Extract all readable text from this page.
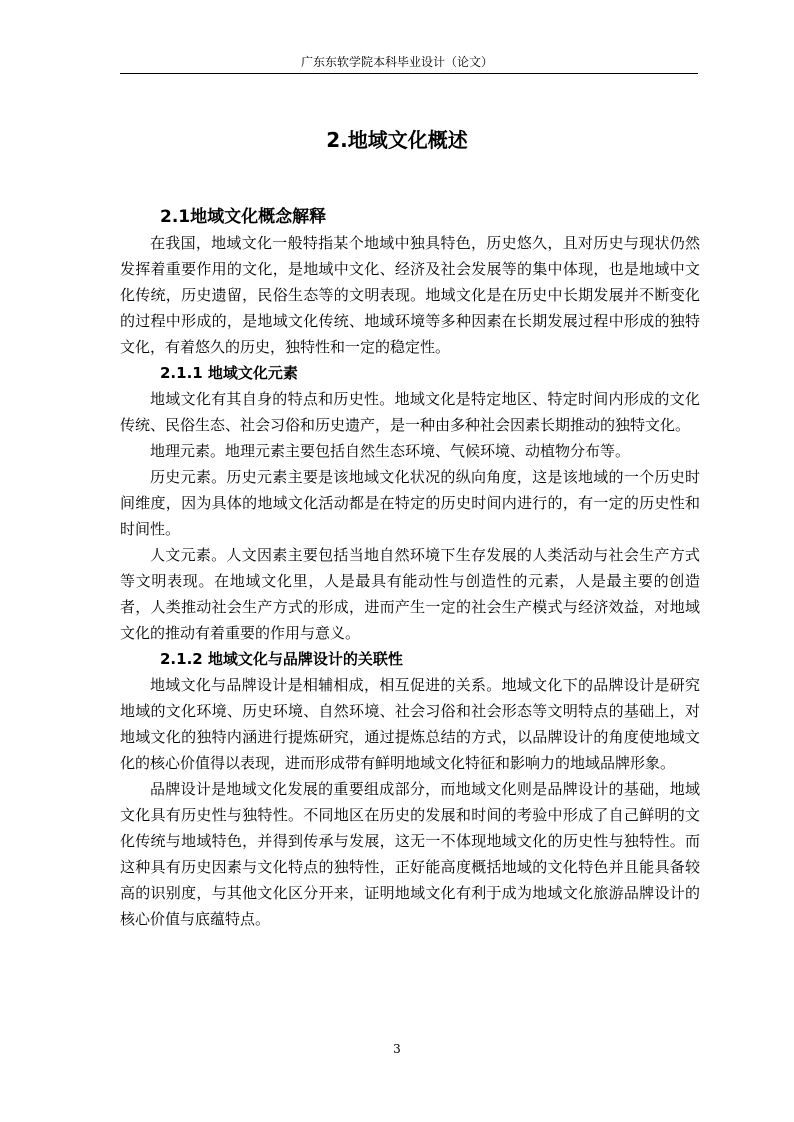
广东东软学院本科毕业设计（论文）
2.地域文化概述
2.1地域文化概念解释

在我国，地域文化一般特指某个地域中独具特色，历史悠久，且对历史与现状仍然发挥着重要作用的文化，是地域中文化、经济及社会发展等的集中体现，也是地域中文化传统，历史遗留，民俗生态等的文明表现。地域文化是在历史中长期发展并不断变化的过程中形成的，是地域文化传统、地域环境等多种因素在长期发展过程中形成的独特文化，有着悠久的历史，独特性和一定的稳定性。

2.1.1 地域文化元素

地域文化有其自身的特点和历史性。地域文化是特定地区、特定时间内形成的文化传统、民俗生态、社会习俗和历史遗产，是一种由多种社会因素长期推动的独特文化。

地理元素。地理元素主要包括自然生态环境、气候环境、动植物分布等。

历史元素。历史元素主要是该地域文化状况的纵向角度，这是该地域的一个历史时间维度，因为具体的地域文化活动都是在特定的历史时间内进行的，有一定的历史性和时间性。

人文元素。人文因素主要包括当地自然环境下生存发展的人类活动与社会生产方式等文明表现。在地域文化里，人是最具有能动性与创造性的元素，人是最主要的创造者，人类推动社会生产方式的形成，进而产生一定的社会生产模式与经济效益，对地域文化的推动有着重要的作用与意义。

2.1.2 地域文化与品牌设计的关联性

地域文化与品牌设计是相辅相成，相互促进的关系。地域文化下的品牌设计是研究地域的文化环境、历史环境、自然环境、社会习俗和社会形态等文明特点的基础上，对地域文化的独特内涵进行提炼研究，通过提炼总结的方式，以品牌设计的角度使地域文化的核心价值得以表现，进而形成带有鲜明地域文化特征和影响力的地域品牌形象。

品牌设计是地域文化发展的重要组成部分，而地域文化则是品牌设计的基础，地域文化具有历史性与独特性。不同地区在历史的发展和时间的考验中形成了自己鲜明的文化传统与地域特色，并得到传承与发展，这无一不体现地域文化的历史性与独特性。而这种具有历史因素与文化特点的独特性，正好能高度概括地域的文化特色并且能具备较高的识别度，与其他文化区分开来，证明地域文化有利于成为地域文化旅游品牌设计的核心价值与底蕴特点。

3
